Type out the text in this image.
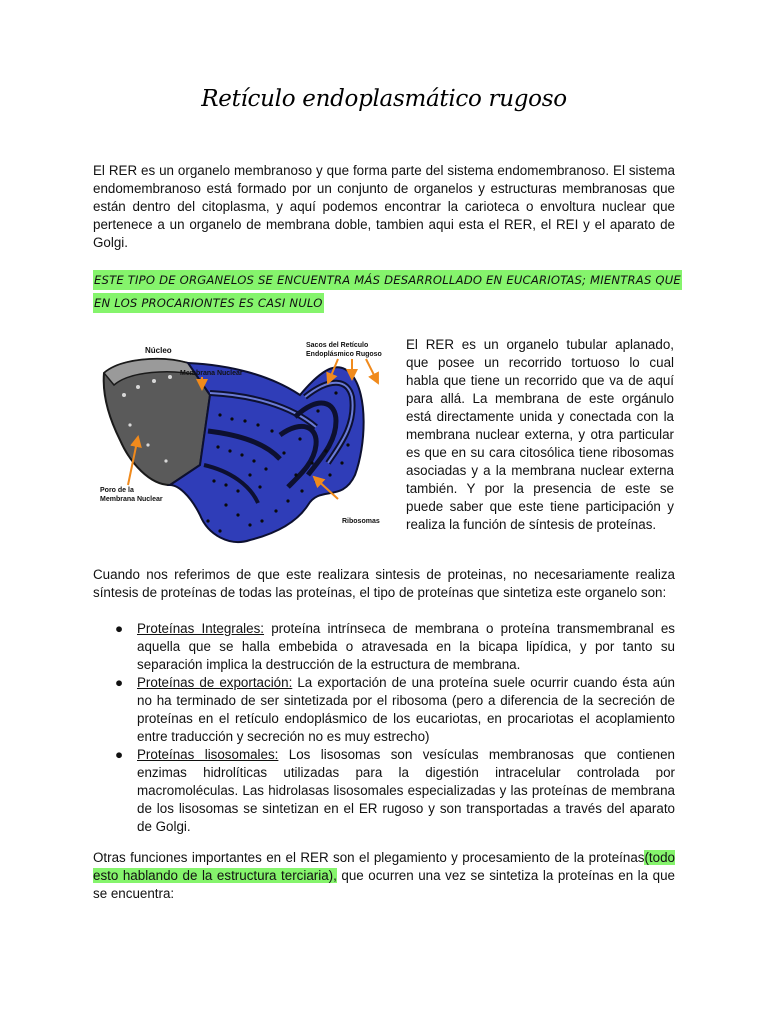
Retículo endoplasmático rugoso

El RER es un organelo membranoso y que forma parte del sistema endomembranoso. El sistema endomembranoso está formado por un conjunto de organelos y estructuras membranosas que están dentro del citoplasma, y aquí podemos encontrar la carioteca o envoltura nuclear que pertenece a un organelo de membrana doble, tambien aqui esta el RER, el REI y el aparato de Golgi.

ESTE TIPO DE ORGANELOS SE ENCUENTRA MÁS DESARROLLADO EN EUCARIOTAS; MIENTRAS QUE
EN LOS PROCARIONTES ES CASI NULO
Núcleo
Membrana Nuclear
Sacos del Retículo
Endoplásmico Rugoso
Poro de la
Membrana Nuclear
Ribosomas

El RER es un organelo tubular aplanado, que posee un recorrido tortuoso lo cual habla que tiene un recorrido que va de aquí para allá. La membrana de este orgánulo está directamente unida y conectada con la membrana nuclear externa, y otra particular es que en su cara citosólica tiene ribosomas asociadas y a la membrana nuclear externa también. Y por la presencia de este se puede saber que este tiene participación y realiza la función de síntesis de proteínas.

Cuando nos referimos de que este realizara sintesis de proteinas, no necesariamente realiza síntesis de proteínas de todas las proteínas, el tipo de proteínas que sintetiza este organelo son:

● Proteínas Integrales: proteína intrínseca de membrana o proteína transmembranal es aquella que se halla embebida o atravesada en la bicapa lipídica, y por tanto su separación implica la destrucción de la estructura de membrana.
● Proteínas de exportación: La exportación de una proteína suele ocurrir cuando ésta aún no ha terminado de ser sintetizada por el ribosoma (pero a diferencia de la secreción de proteínas en el retículo endoplásmico de los eucariotas, en procariotas el acoplamiento entre traducción y secreción no es muy estrecho)
● Proteínas lisosomales: Los lisosomas son vesículas membranosas que contienen enzimas hidrolíticas utilizadas para la digestión intracelular controlada por macromoléculas. Las hidrolasas lisosomales especializadas y las proteínas de membrana de los lisosomas se sintetizan en el ER rugoso y son transportadas a través del aparato de Golgi.

Otras funciones importantes en el RER son el plegamiento y procesamiento de la proteínas(todo esto hablando de la estructura terciaria), que ocurren una vez se sintetiza la proteínas en la que se encuentra:
